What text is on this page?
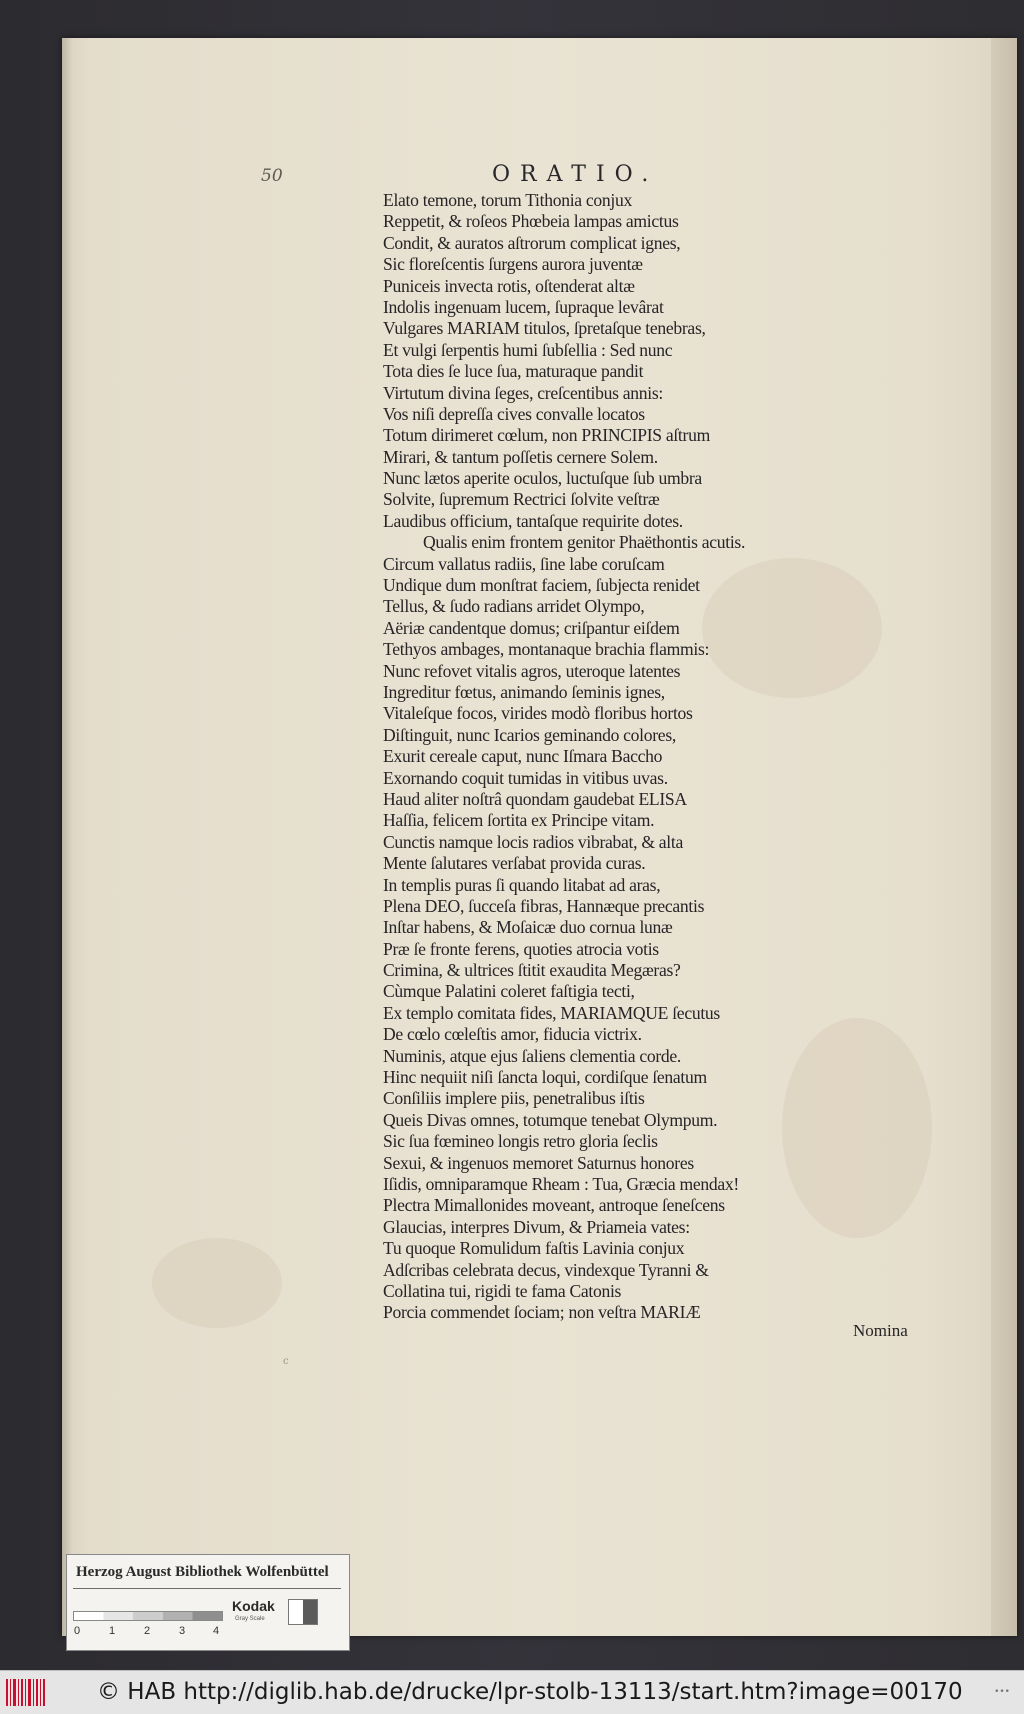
50	ORATIO.
Elato temone, torum Tithonia conjux
Reppetit, & roſeos Phœbeia lampas amictus
Condit, & auratos aſtrorum complicat ignes,
Sic floreſcentis ſurgens aurora juventæ
Puniceis invecta rotis, oſtenderat altæ
Indolis ingenuam lucem, ſupraque levârat
Vulgares MARIAM titulos, ſpretaſque tenebras,
Et vulgi ſerpentis humi ſubſellia : Sed nunc
Tota dies ſe luce ſua, maturaque pandit
Virtutum divina ſeges, creſcentibus annis:
Vos niſi depreſſa cives convalle locatos
Totum dirimeret cœlum, non PRINCIPIS aſtrum
Mirari, & tantum poſſetis cernere Solem.
Nunc lætos aperite oculos, luctuſque ſub umbra
Solvite, ſupremum Rectrici ſolvite veſtræ
Laudibus officium, tantaſque requirite dotes.
Qualis enim frontem genitor Phaëthontis acutis.
Circum vallatus radiis, ſine labe coruſcam
Undique dum monſtrat faciem, ſubjecta renidet
Tellus, & ſudo radians arridet Olympo,
Aëriæ candentque domus; criſpantur eiſdem
Tethyos ambages, montanaque brachia flammis:
Nunc refovet vitalis agros, uteroque latentes
Ingreditur fœtus, animando ſeminis ignes,
Vitaleſque focos, virides modò floribus hortos
Diſtinguit, nunc Icarios geminando colores,
Exurit cereale caput, nunc Iſmara Baccho
Exornando coquit tumidas in vitibus uvas.
Haud aliter noſtrâ quondam gaudebat ELISA
Haſſia, felicem ſortita ex Principe vitam.
Cunctis namque locis radios vibrabat, & alta
Mente ſalutares verſabat provida curas.
In templis puras ſi quando litabat ad aras,
Plena DEO, ſucceſa fibras, Hannæque precantis
Inſtar habens, & Moſaicæ duo cornua lunæ
Præ ſe fronte ferens, quoties atrocia votis
Crimina, & ultrices ſtitit exaudita Megæras?
Cùmque Palatini coleret faſtigia tecti,
Ex templo comitata fides, MARIAMQUE ſecutus
De cœlo cœleſtis amor, fiducia victrix.
Numinis, atque ejus ſaliens clementia corde.
Hinc nequiit niſi ſancta loqui, cordiſque ſenatum
Conſiliis implere piis, penetralibus iſtis
Queis Divas omnes, totumque tenebat Olympum.
Sic ſua fœmineo longis retro gloria ſeclis
Sexui, & ingenuos memoret Saturnus honores
Iſidis, omniparamque Rheam : Tua, Græcia mendax!
Plectra Mimallonides moveant, antroque ſeneſcens
Glaucias, interpres Divum, & Priameia vates:
Tu quoque Romulidum faſtis Lavinia conjux
Adſcribas celebrata decus, vindexque Tyranni &
Collatina tui, rigidi te fama Catonis
Porcia commendet ſociam; non veſtra MARIÆ
Nomina
c
Herzog August Bibliothek Wolfenbüttel
0	1	2	3	4
Kodak
Gray Scale
© HAB http://diglib.hab.de/drucke/lpr-stolb-13113/start.htm?image=00170	•••
